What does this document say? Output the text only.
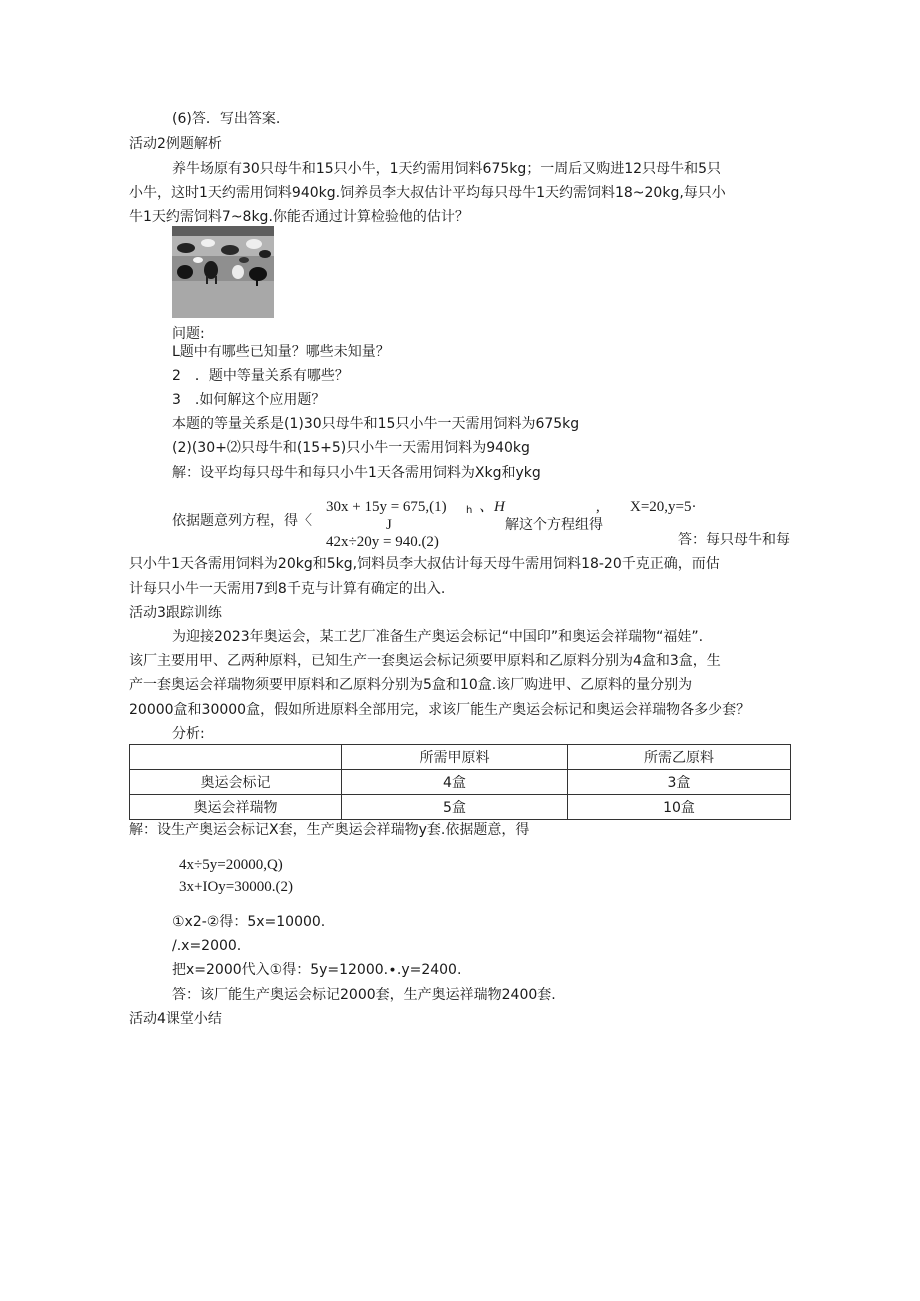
(6)答．写出答案.
活动2例题解析
养牛场原有30只母牛和15只小牛，1天约需用饲料675kg；一周后又购进12只母牛和5只
小牛，这时1天约需用饲料940kg.饲养员李大叔估计平均每只母牛1天约需饲料18~20kg,每只小
牛1天约需饲料7~8kg.你能否通过计算检验他的估计？
问题:
L题中有哪些已知量？哪些未知量？
2　．题中等量关系有哪些？
3　.如何解这个应用题？
本题的等量关系是(1)30只母牛和15只小牛一天需用饲料为675kg
(2)(30+⑵只母牛和(15+5)只小牛一天需用饲料为940kg
解：设平均每只母牛和每只小牛1天各需用饲料为Xkg和ykg
依据题意列方程，得〈
30x + 15y = 675,(1) h 、H	, X=20,y=5·
J
42x÷20y = 940.(2)
解这个方程组得
答：每只母牛和每
只小牛1天各需用饲料为20kg和5kg,饲料员李大叔估计每天母牛需用饲料18-20千克正确，而估
计每只小牛一天需用7到8千克与计算有确定的出入.
活动3跟踪训练
为迎接2023年奥运会，某工艺厂准备生产奥运会标记“中国印”和奥运会祥瑞物“福娃”.
该厂主要用甲、乙两种原料，已知生产一套奥运会标记须要甲原料和乙原料分别为4盒和3盒，生
产一套奥运会祥瑞物须要甲原料和乙原料分别为5盒和10盒.该厂购进甲、乙原料的量分别为
20000盒和30000盒，假如所进原料全部用完，求该厂能生产奥运会标记和奥运会祥瑞物各多少套？
分析:
	所需甲原料	所需乙原料
奥运会标记	4盒	3盒
奥运会祥瑞物	5盒	10盒
解：设生产奥运会标记X套，生产奥运会祥瑞物y套.依据题意，得
4x÷5y=20000,Q)
3x+IOy=30000.(2)
①x2-②得：5x=10000.
/.x=2000.
把x=2000代入①得：5y=12000.∙.y=2400.
答：该厂能生产奥运会标记2000套，生产奥运祥瑞物2400套.
活动4课堂小结
